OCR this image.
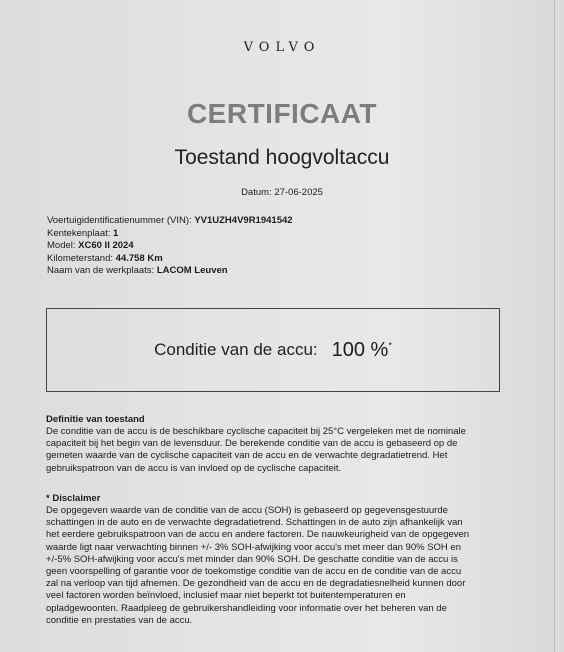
VOLVO
CERTIFICAAT
Toestand hoogvoltaccu
Datum: 27-06-2025
Voertuigidentificatienummer (VIN): YV1UZH4V9R1941542
Kentekenplaat: 1
Model: XC60 II 2024
Kilometerstand: 44.758 Km
Naam van de werkplaats: LACOM Leuven
Conditie van de accu: 100 %*
Definitie van toestand

De conditie van de accu is de beschikbare cyclische capaciteit bij 25°C vergeleken met de nominale

capaciteit bij het begin van de levensduur. De berekende conditie van de accu is gebaseerd op de

gemeten waarde van de cyclische capaciteit van de accu en de verwachte degradatietrend. Het

gebruikspatroon van de accu is van invloed op de cyclische capaciteit.

* Disclaimer

De opgegeven waarde van de conditie van de accu (SOH) is gebaseerd op gegevensgestuurde

schattingen in de auto en de verwachte degradatietrend. Schattingen in de auto zijn afhankelijk van

het eerdere gebruikspatroon van de accu en andere factoren. De nauwkeurigheid van de opgegeven

waarde ligt naar verwachting binnen +/- 3% SOH-afwijking voor accu's met meer dan 90% SOH en

+/-5% SOH-afwijking voor accu's met minder dan 90% SOH. De geschatte conditie van de accu is

geen voorspelling of garantie voor de toekomstige conditie van de accu en de conditie van de accu

zal na verloop van tijd afnemen. De gezondheid van de accu en de degradatiesnelheid kunnen door

veel factoren worden beïnvloed, inclusief maar niet beperkt tot buitentemperaturen en

opladgewoonten. Raadpleeg de gebruikershandleiding voor informatie over het beheren van de

conditie en prestaties van de accu.
